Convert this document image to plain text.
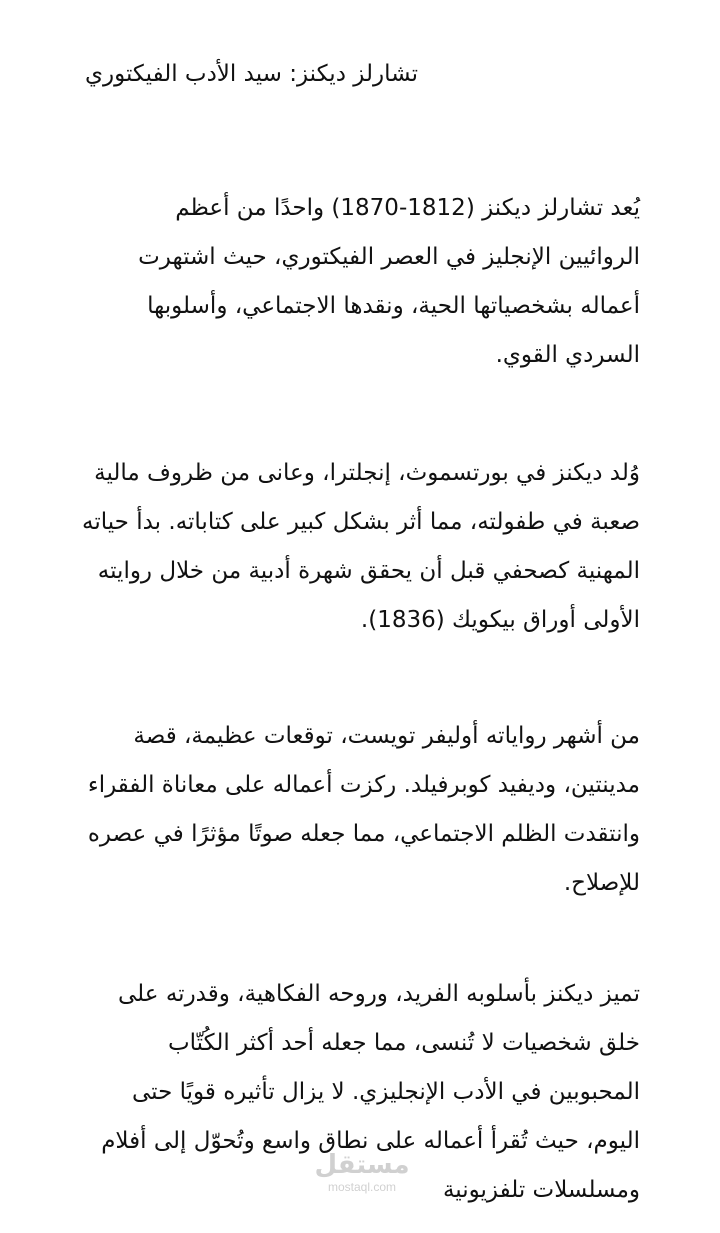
تشارلز ديكنز: سيد الأدب الفيكتوري

يُعد تشارلز ديكنز (1812-1870) واحدًا من أعظم
الروائيين الإنجليز في العصر الفيكتوري، حيث اشتهرت
أعماله بشخصياتها الحية، ونقدها الاجتماعي، وأسلوبها
السردي القوي.

وُلد ديكنز في بورتسموث، إنجلترا، وعانى من ظروف مالية
صعبة في طفولته، مما أثر بشكل كبير على كتاباته. بدأ حياته
المهنية كصحفي قبل أن يحقق شهرة أدبية من خلال روايته
الأولى أوراق بيكويك (1836).

من أشهر رواياته أوليفر تويست، توقعات عظيمة، قصة
مدينتين، وديفيد كوبرفيلد. ركزت أعماله على معاناة الفقراء
وانتقدت الظلم الاجتماعي، مما جعله صوتًا مؤثرًا في عصره
للإصلاح.

تميز ديكنز بأسلوبه الفريد، وروحه الفكاهية، وقدرته على
خلق شخصيات لا تُنسى، مما جعله أحد أكثر الكُتّاب
المحبوبين في الأدب الإنجليزي. لا يزال تأثيره قويًا حتى
اليوم، حيث تُقرأ أعماله على نطاق واسع وتُحوّل إلى أفلام
ومسلسلات تلفزيونية

مستقل
mostaql.com
